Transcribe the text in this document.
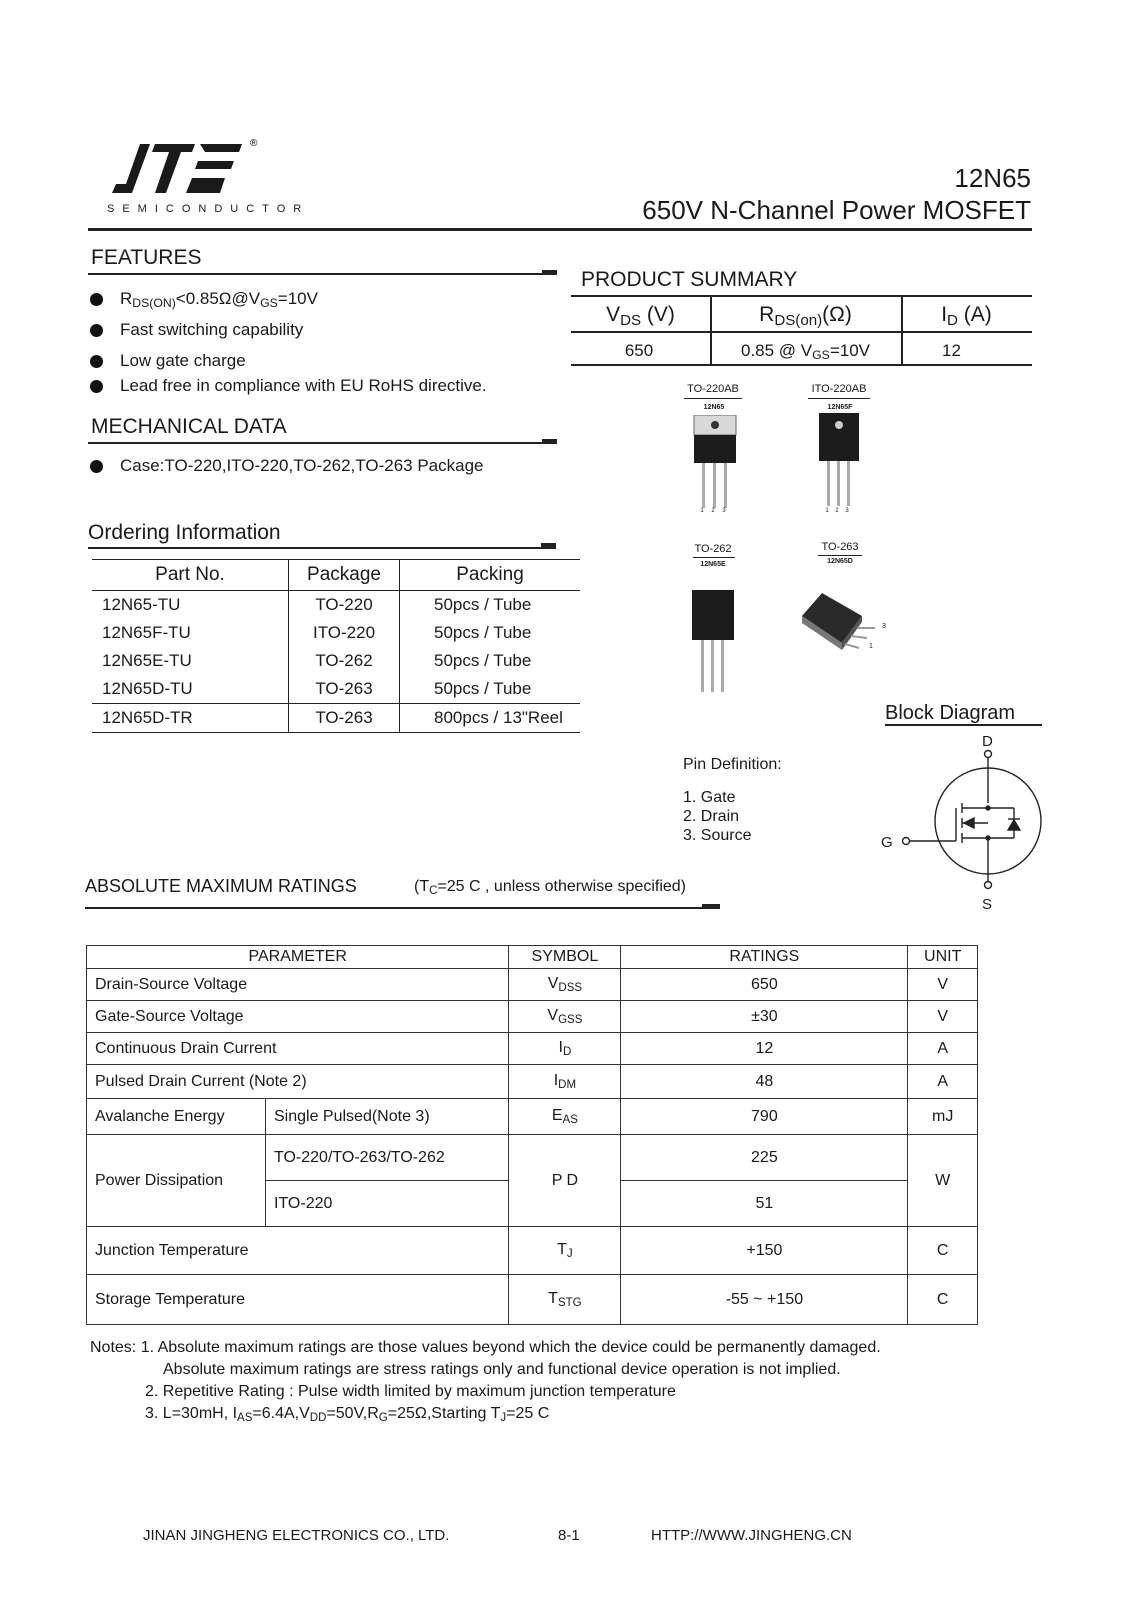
®
SEMICONDUCTOR
12N65
650V N-Channel Power MOSFET
FEATURES
$R_{DS(ON)}<0.85\Omega@V_{GS}=10V$
Fast switching capability
Low gate charge
Lead free in compliance with EU RoHS directive.
MECHANICAL DATA
Case:TO-220,ITO-220,TO-262,TO-263 Package
Ordering Information
Part No.	Package	Packing
12N65-TU	TO-220	50pcs / Tube
12N65F-TU	ITO-220	50pcs / Tube
12N65E-TU	TO-262	50pcs / Tube
12N65D-TU	TO-263	50pcs / Tube
12N65D-TR	TO-263	800pcs / 13"Reel
PRODUCT SUMMARY
$V_{DS}$ (V)	$R_{DS(on)}(\Omega)$	$I_D$ (A)
650	0.85 @ $V_{GS}=10V$	12
TO-220AB
12N65
1	2	3
ITO-220AB
12N65F
1	2	3
TO-262
12N65E
TO-263
12N65D
3
1
Pin Definition:
1. Gate
2. Drain
3. Source
Block Diagram
D
G
S
ABSOLUTE MAXIMUM RATINGS	($T_C=25$ C , unless otherwise specified)
PARAMETER		SYMBOL	RATINGS	UNIT
Drain-Source Voltage		$V_{DSS}$	650	V
Gate-Source Voltage		$V_{GSS}$	±30	V
Continuous Drain Current		$I_D$	12	A
Pulsed Drain Current (Note 2)		$I_{DM}$	48	A
Avalanche Energy	Single Pulsed(Note 3)	$E_{AS}$	790	mJ
Power Dissipation	TO-220/TO-263/TO-262	P D	225	W
	ITO-220		51	
Junction Temperature		$T_J$	+150	C
Storage Temperature		$T_{STG}$	-55 ~ +150	C
Notes: 1. Absolute maximum ratings are those values beyond which the device could be permanently damaged.
Absolute maximum ratings are stress ratings only and functional device operation is not implied.
2. Repetitive Rating : Pulse width limited by maximum junction temperature
3. L=30mH, $I_{AS}=6.4A,V_{DD}=50V,R_G=25\Omega,Starting$ $T_J=25$ C
JINAN JINGHENG ELECTRONICS CO., LTD.	8-1	HTTP://WWW.JINGHENG.CN
